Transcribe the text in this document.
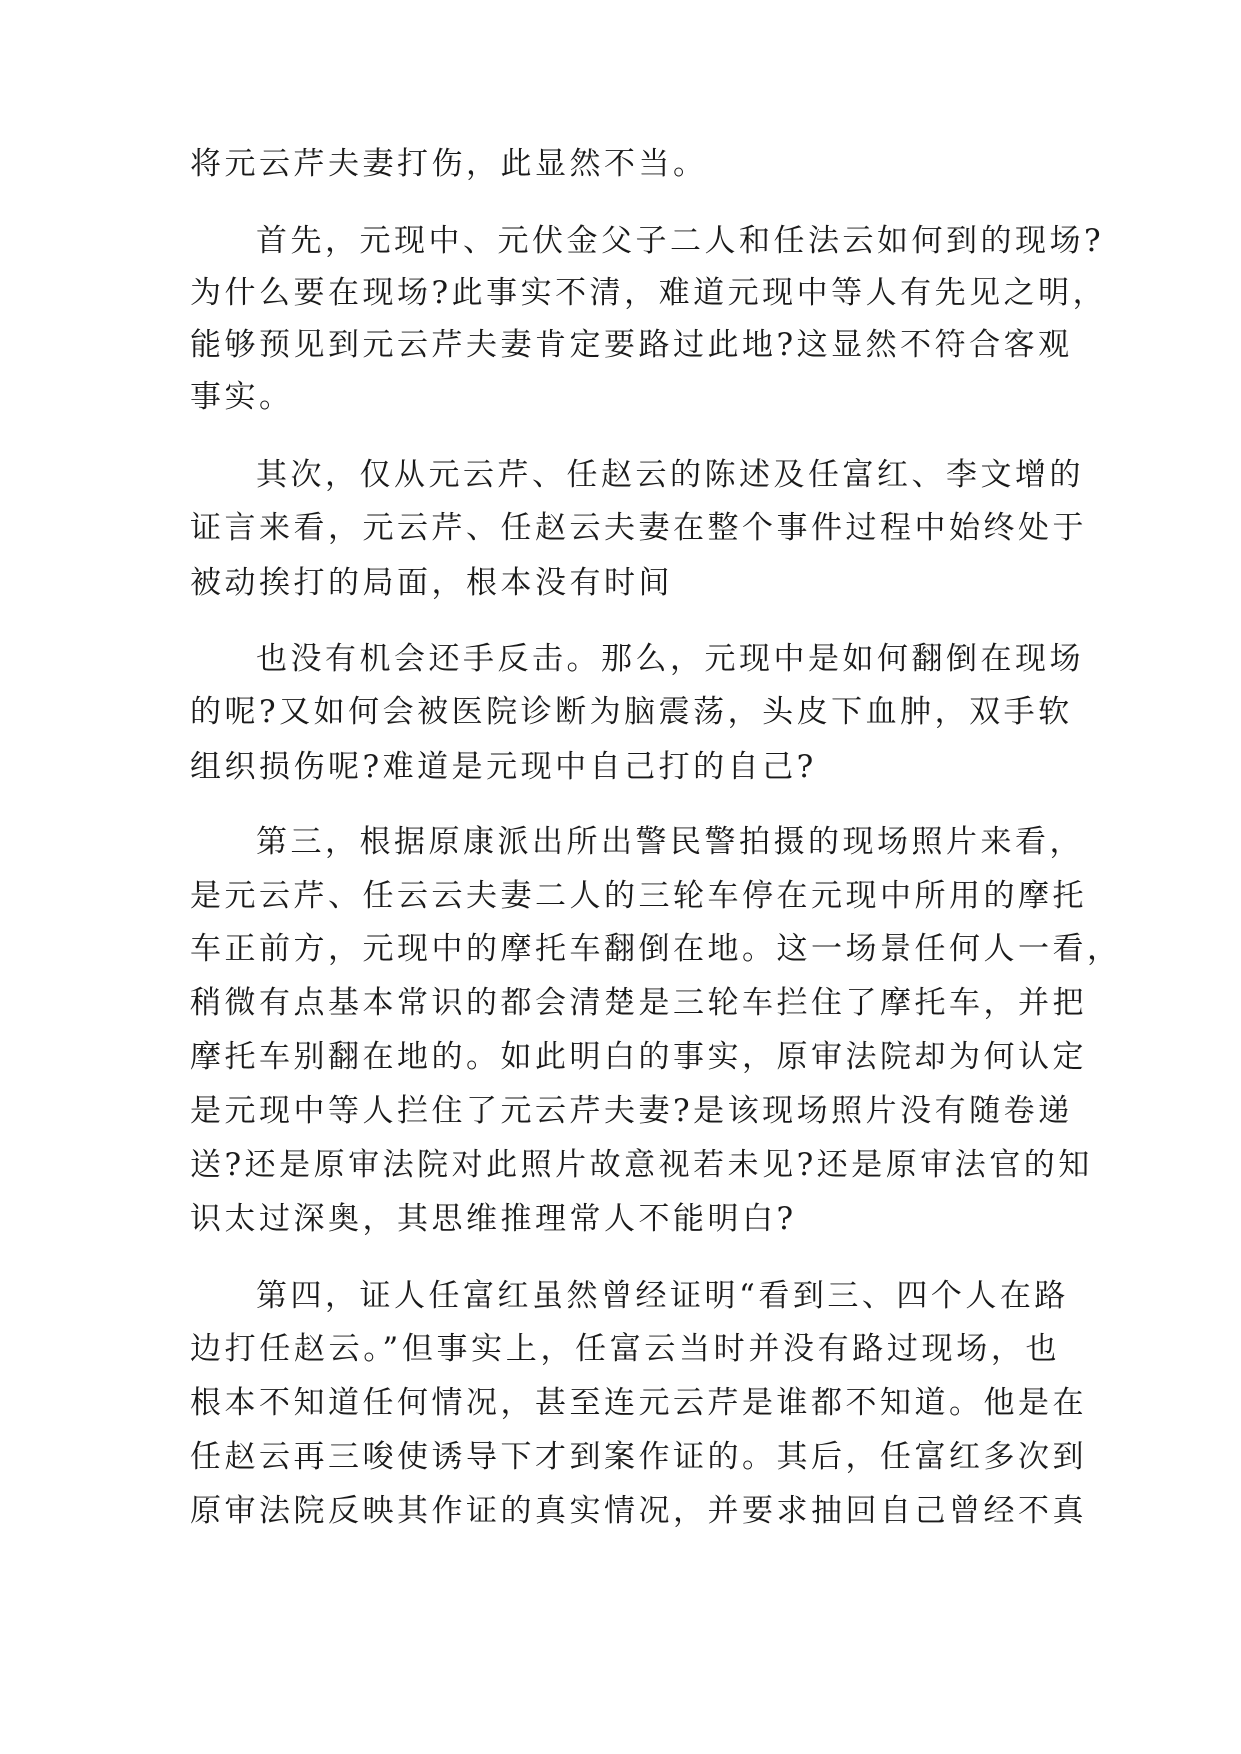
将元云芹夫妻打伤，此显然不当。
首先，元现中、元伏金父子二人和任法云如何到的现场?
为什么要在现场?此事实不清，难道元现中等人有先见之明，
能够预见到元云芹夫妻肯定要路过此地?这显然不符合客观
事实。
其次，仅从元云芹、任赵云的陈述及任富红、李文增的
证言来看，元云芹、任赵云夫妻在整个事件过程中始终处于
被动挨打的局面，根本没有时间
也没有机会还手反击。那么，元现中是如何翻倒在现场
的呢?又如何会被医院诊断为脑震荡，头皮下血肿，双手软
组织损伤呢?难道是元现中自己打的自己?
第三，根据原康派出所出警民警拍摄的现场照片来看，
是元云芹、任云云夫妻二人的三轮车停在元现中所用的摩托
车正前方，元现中的摩托车翻倒在地。这一场景任何人一看，
稍微有点基本常识的都会清楚是三轮车拦住了摩托车，并把
摩托车别翻在地的。如此明白的事实，原审法院却为何认定
是元现中等人拦住了元云芹夫妻?是该现场照片没有随卷递
送?还是原审法院对此照片故意视若未见?还是原审法官的知
识太过深奥，其思维推理常人不能明白?
第四，证人任富红虽然曾经证明“看到三、四个人在路
边打任赵云。”但事实上，任富云当时并没有路过现场，也
根本不知道任何情况，甚至连元云芹是谁都不知道。他是在
任赵云再三唆使诱导下才到案作证的。其后，任富红多次到
原审法院反映其作证的真实情况，并要求抽回自己曾经不真
